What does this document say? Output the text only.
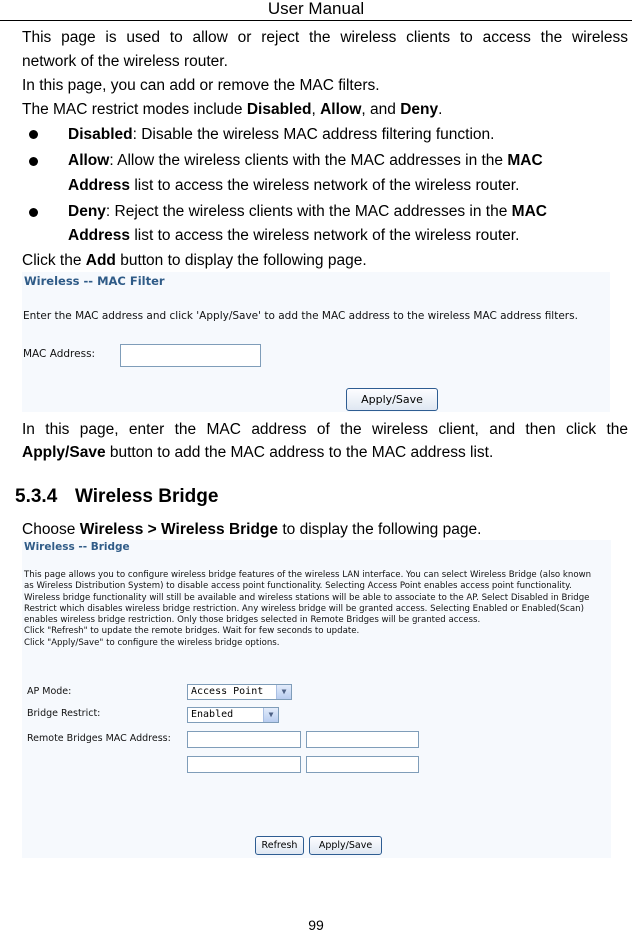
User Manual
This page is used to allow or reject the wireless clients to access the wireless
network of the wireless router.
In this page, you can add or remove the MAC filters.
The MAC restrict modes include Disabled, Allow, and Deny.
Disabled: Disable the wireless MAC address filtering function.
Allow: Allow the wireless clients with the MAC addresses in the MAC
Address list to access the wireless network of the wireless router.
Deny: Reject the wireless clients with the MAC addresses in the MAC
Address list to access the wireless network of the wireless router.
Click the Add button to display the following page.
Wireless -- MAC Filter
Enter the MAC address and click 'Apply/Save' to add the MAC address to the wireless MAC address filters.
MAC Address:
Apply/Save
In this page, enter the MAC address of the wireless client, and then click the
Apply/Save button to add the MAC address to the MAC address list.
5.3.4 Wireless Bridge
Choose Wireless > Wireless Bridge to display the following page.
Wireless -- Bridge
This page allows you to configure wireless bridge features of the wireless LAN interface. You can select Wireless Bridge (also known
as Wireless Distribution System) to disable access point functionality. Selecting Access Point enables access point functionality.
Wireless bridge functionality will still be available and wireless stations will be able to associate to the AP. Select Disabled in Bridge
Restrict which disables wireless bridge restriction. Any wireless bridge will be granted access. Selecting Enabled or Enabled(Scan)
enables wireless bridge restriction. Only those bridges selected in Remote Bridges will be granted access.
Click "Refresh" to update the remote bridges. Wait for few seconds to update.
Click "Apply/Save" to configure the wireless bridge options.
AP Mode:	Access Point	▼
Bridge Restrict:	Enabled	▼
Remote Bridges MAC Address:
Refresh	Apply/Save
99
